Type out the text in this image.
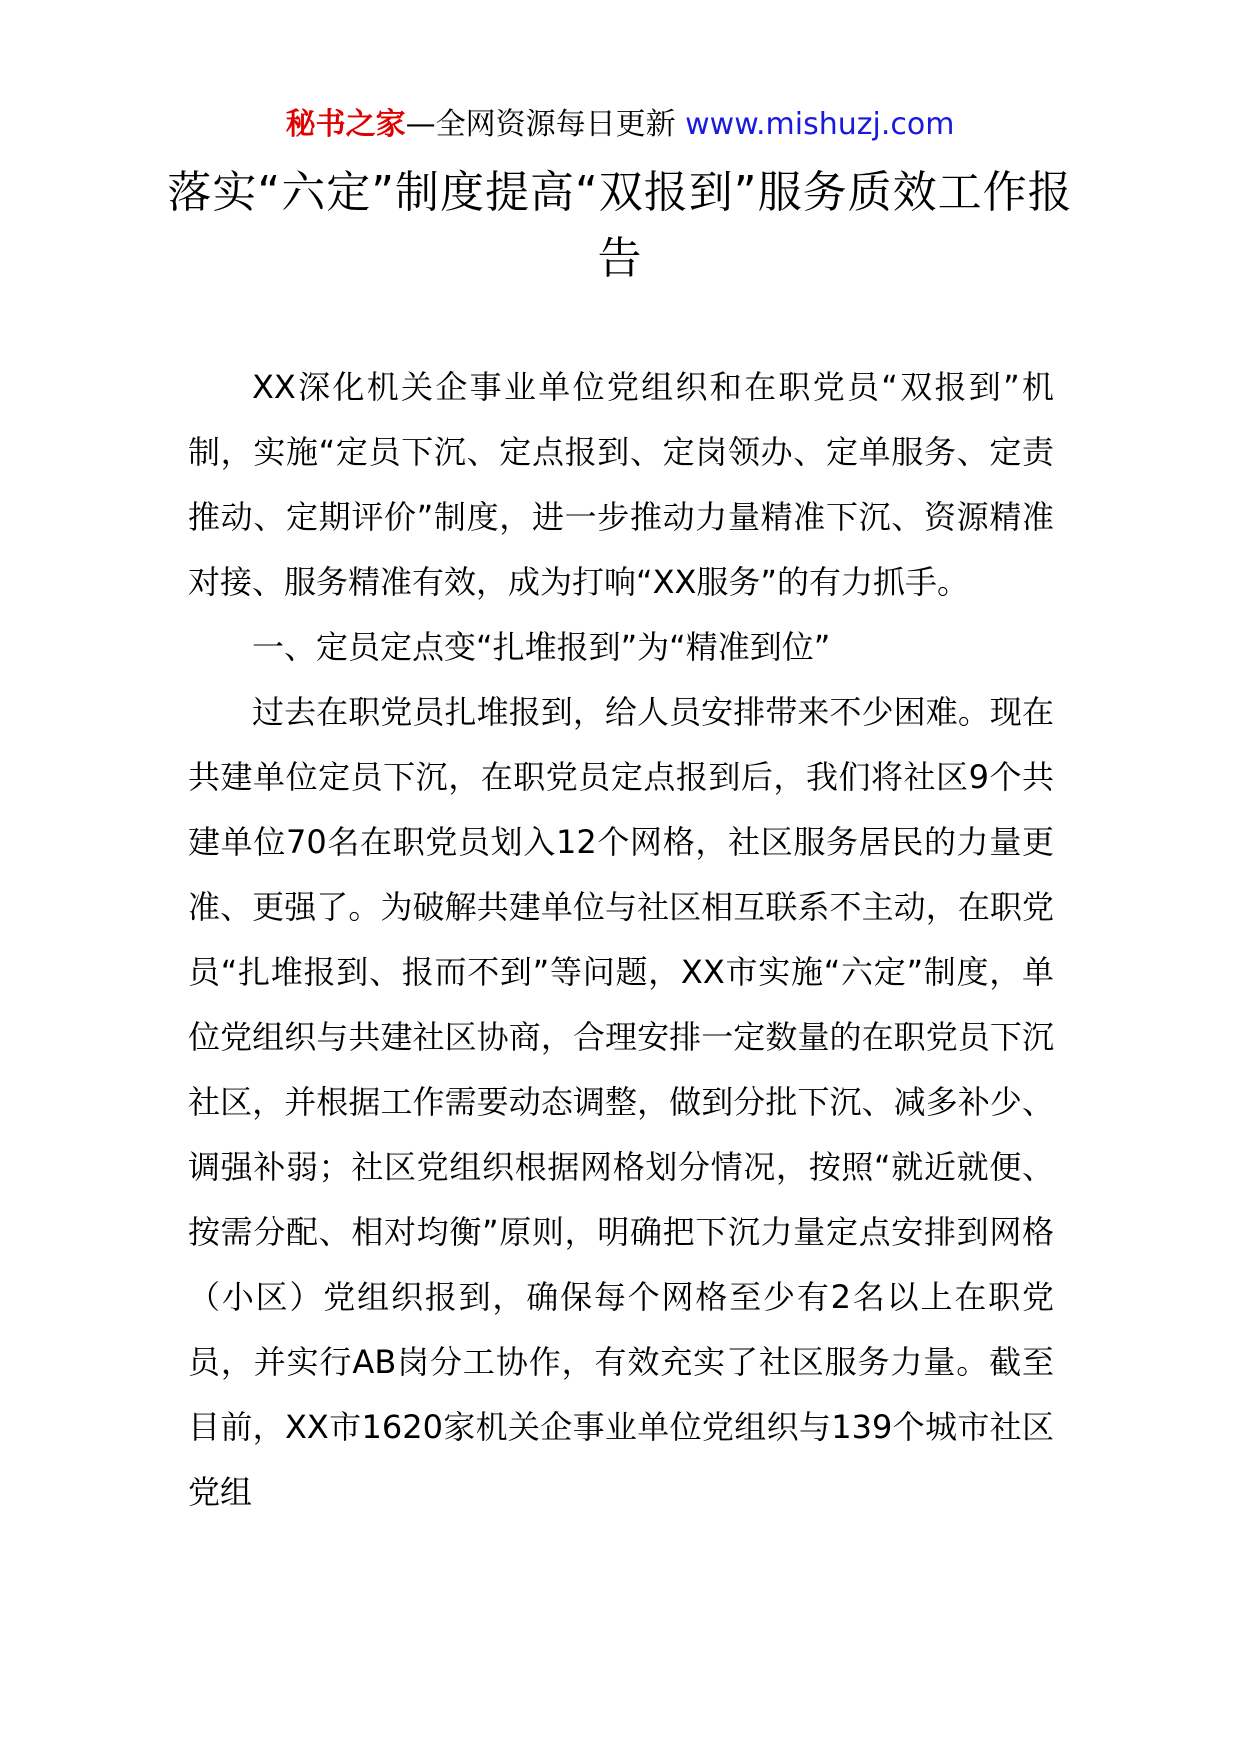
秘书之家—全网资源每日更新 www.mishuzj.com
落实“六定”制度提高“双报到”服务质效工作报告

XX深化机关企事业单位党组织和在职党员“双报到”机制，实施“定员下沉、定点报到、定岗领办、定单服务、定责推动、定期评价”制度，进一步推动力量精准下沉、资源精准对接、服务精准有效，成为打响“XX服务”的有力抓手。

一、定员定点变“扎堆报到”为“精准到位”

过去在职党员扎堆报到，给人员安排带来不少困难。现在共建单位定员下沉，在职党员定点报到后，我们将社区9个共建单位70名在职党员划入12个网格，社区服务居民的力量更准、更强了。为破解共建单位与社区相互联系不主动，在职党员“扎堆报到、报而不到”等问题，XX市实施“六定”制度，单位党组织与共建社区协商，合理安排一定数量的在职党员下沉社区，并根据工作需要动态调整，做到分批下沉、减多补少、调强补弱；社区党组织根据网格划分情况，按照“就近就便、按需分配、相对均衡”原则，明确把下沉力量定点安排到网格（小区）党组织报到，确保每个网格至少有2名以上在职党员，并实行AB岗分工协作，有效充实了社区服务力量。截至目前，XX市1620家机关企事业单位党组织与139个城市社区党组
